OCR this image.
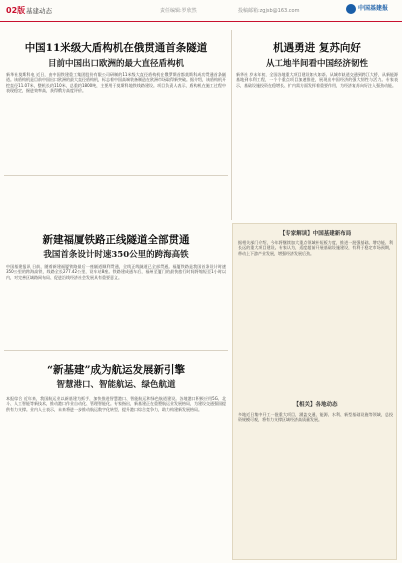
02版 基建动态	责任编辑:罗欣然	投稿邮箱:zgjsb@163.com	中国基建报
中国11米级大盾构机在俄贯通首条隧道
目前中国出口欧洲的最大直径盾构机
新华社莫斯科电 近日，由中国铁建重工集团股份有限公司研制的11米级大直径盾构机在俄罗斯首都莫斯科成功贯通首条隧道。该盾构机是目前中国出口欧洲的最大直径盾构机，标志着中国高端装备制造在欧洲市场取得新突破。据介绍，该盾构机开挖直径11.07米，整机长约110米，总重约1800吨，主要用于莫斯科地铁线路建设。项目负责人表示，盾构机在施工过程中表现稳定，掘进效率高，获得俄方高度评价。
机遇勇进 复苏向好
从工地半间看中国经济韧性
新华社 岁末年初，全国各地重大项目建设如火如荼。从城市轨道交通到跨江大桥，从新能源基地到水利工程，一个个重点项目加速推进，展现出中国经济的强大韧性与活力。专家表示，基础设施投资在稳增长、扩内需方面发挥着重要作用，为经济复苏向好注入强劲动能。
新建福厦铁路正线隧道全部贯通
我国首条设计时速350公里的跨海高铁
中国基建报讯 日前，随着新建福厦铁路最后一座隧道顺利贯通，全线正线隧道已全部贯通。福厦铁路是我国首条设计时速350公里的跨海高铁，线路全长277.42公里，设车站8座。铁路建成通车后，福州至厦门的最快旅行时间将缩短至1小时以内，对完善区域路网布局、促进沿线经济社会发展具有重要意义。
“新基建”成为航运发展新引擎
智慧港口、智能航运、绿色航道
本报综合 近年来，我国航运业以新基建为抓手，加快推进智慧港口、智能航运和绿色航道建设。各地港口积极应用5G、北斗、人工智能等新技术，推动港口作业自动化、管理智能化。专家指出，新基建正在重塑航运业发展格局，为建设交通强国提供有力支撑。业内人士表示，未来将进一步推动航运数字化转型，提升港口综合竞争力，助力构建新发展格局。
【专家解读】中国基建新布局
据相关部门介绍，今年将继续加大重点领域补短板力度，推进一批强基础、增功能、利长远的重大项目建设。专家认为，适度超前开展基础设施建设，有利于稳定市场预期，带动上下游产业发展，增强经济发展后劲。
【相关】各地动态
多地近日集中开工一批重大项目，涵盖交通、能源、水利、新型基础设施等领域，总投资规模可观，将有力支撑区域经济高质量发展。
